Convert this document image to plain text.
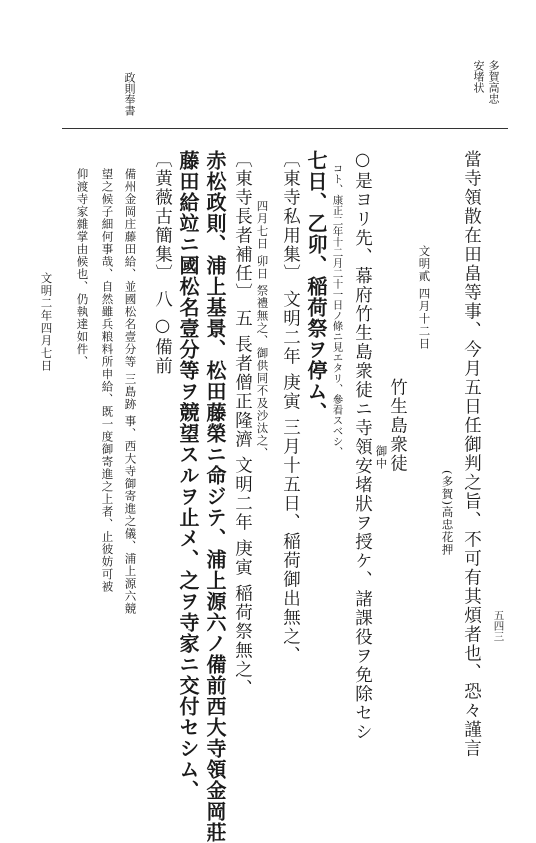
多賀高忠
安堵状
政則奉書
當寺領散在田畠等事、今月五日任御判之旨、不可有其煩者也、恐々謹言
(多賀)高忠花押
文明貳 四月十二日
竹生島衆徒
御中
○是ヨリ先、幕府竹生島衆徒ニ寺領安堵狀ヲ授ケ、諸課役ヲ免除セシ
コト、康正二年十二月二十一日ノ條ニ見エタリ、參看スベシ、
七日、乙卯、稲荷祭ヲ停ム、
〔東寺私用集〕 文明二年 庚寅 三月十五日、稲荷御出無之、
四月七日 卯日 祭禮無之、御供同不及沙汰之、
〔東寺長者補任〕 五 長者僧正隆濟 文明二年 庚寅 稲荷祭無之、
赤松政則、浦上基景、松田藤榮ニ命ジテ、浦上源六ノ備前西大寺領金岡莊
藤田給竝ニ國松名壹分等ヲ競望スルヲ止メ、之ヲ寺家ニ交付セシム、
〔黄薇古簡集〕 八 ○備前
備州金岡庄藤田給、並國松名壹分等 三島跡 事、西大寺御寄進之儀、浦上源六競
望之候子細何事哉、自然雖兵粮料所申給、既一度御寄進之上者、止彼妨可被
仰渡寺家雜掌由候也、仍執達如件、
文明二年四月七日
五四三
